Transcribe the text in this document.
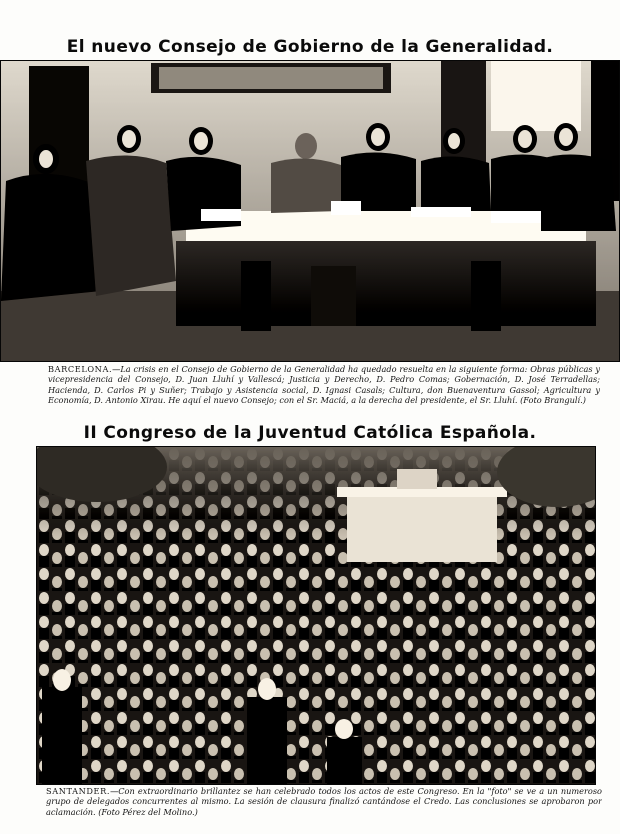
El nuevo Consejo de Gobierno de la Generalidad.
BARCELONA.—La crisis en el Consejo de Gobierno de la Generalidad ha quedado resuelta en la siguiente forma: Obras públicas y vicepresidencia del Consejo, D. Juan Lluhí y Vallescá; Justicia y Derecho, D. Pedro Comas; Gobernación, D. José Terradellas; Hacienda, D. Carlos Pi y Suñer; Trabajo y Asistencia social, D. Ignasi Casals; Cultura, don Buenaventura Gassol; Agricultura y Economía, D. Antonio Xirau. He aquí el nuevo Consejo; con el Sr. Maciá, a la derecha del presidente, el Sr. Lluhí. (Foto Brangulí.)
II Congreso de la Juventud Católica Española.
SANTANDER.—Con extraordinario brillantez se han celebrado todos los actos de este Congreso. En la "foto" se ve a un numeroso grupo de delegados concurrentes al mismo. La sesión de clausura finalizó cantándose el Credo. Las conclusiones se aprobaron por aclamación. (Foto Pérez del Molino.)
